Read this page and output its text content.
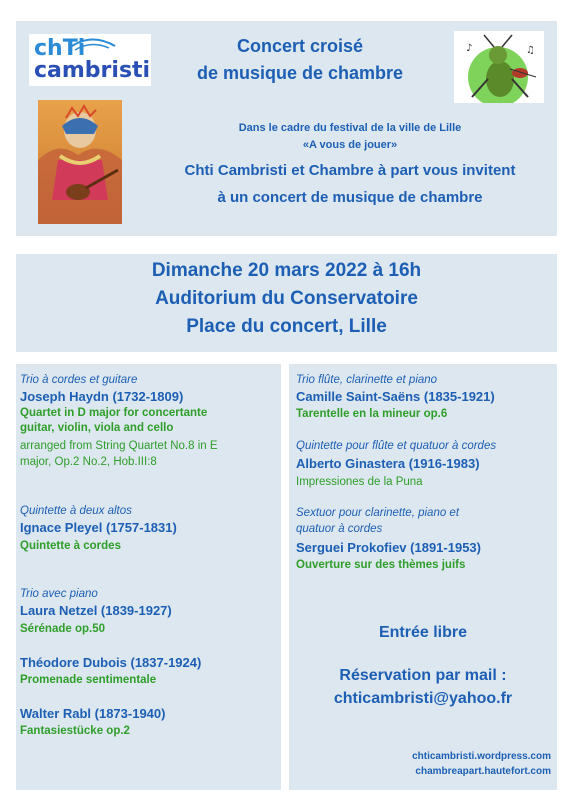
chTi
cambristi
Concert croisé
de musique de chambre
♪	♫
Dans le cadre du festival de la ville de Lille
«A vous de jouer»
Chti Cambristi et Chambre à part vous invitent
à un concert de musique de chambre
Dimanche 20 mars 2022 à 16h
Auditorium du Conservatoire
Place du concert, Lille
Trio à cordes et guitare
Joseph Haydn (1732-1809)
Quartet in D major for concertante
guitar, violin, viola and cello
arranged from String Quartet No.8 in E
major, Op.2 No.2, Hob.III:8
Quintette à deux altos
Ignace Pleyel (1757-1831)
Quintette à cordes
Trio avec piano
Laura Netzel (1839-1927)
Sérénade op.50
Théodore Dubois (1837-1924)
Promenade sentimentale
Walter Rabl (1873-1940)
Fantasiestücke op.2
Trio flûte, clarinette et piano
Camille Saint-Saëns (1835-1921)
Tarentelle en la mineur op.6
Quintette pour flûte et quatuor à cordes
Alberto Ginastera (1916-1983)
Impressiones de la Puna
Sextuor pour clarinette, piano et
quatuor à cordes
Serguei Prokofiev (1891-1953)
Ouverture sur des thèmes juifs
Entrée libre
Réservation par mail :
chticambristi@yahoo.fr
chticambristi.wordpress.com
chambreapart.hautefort.com
